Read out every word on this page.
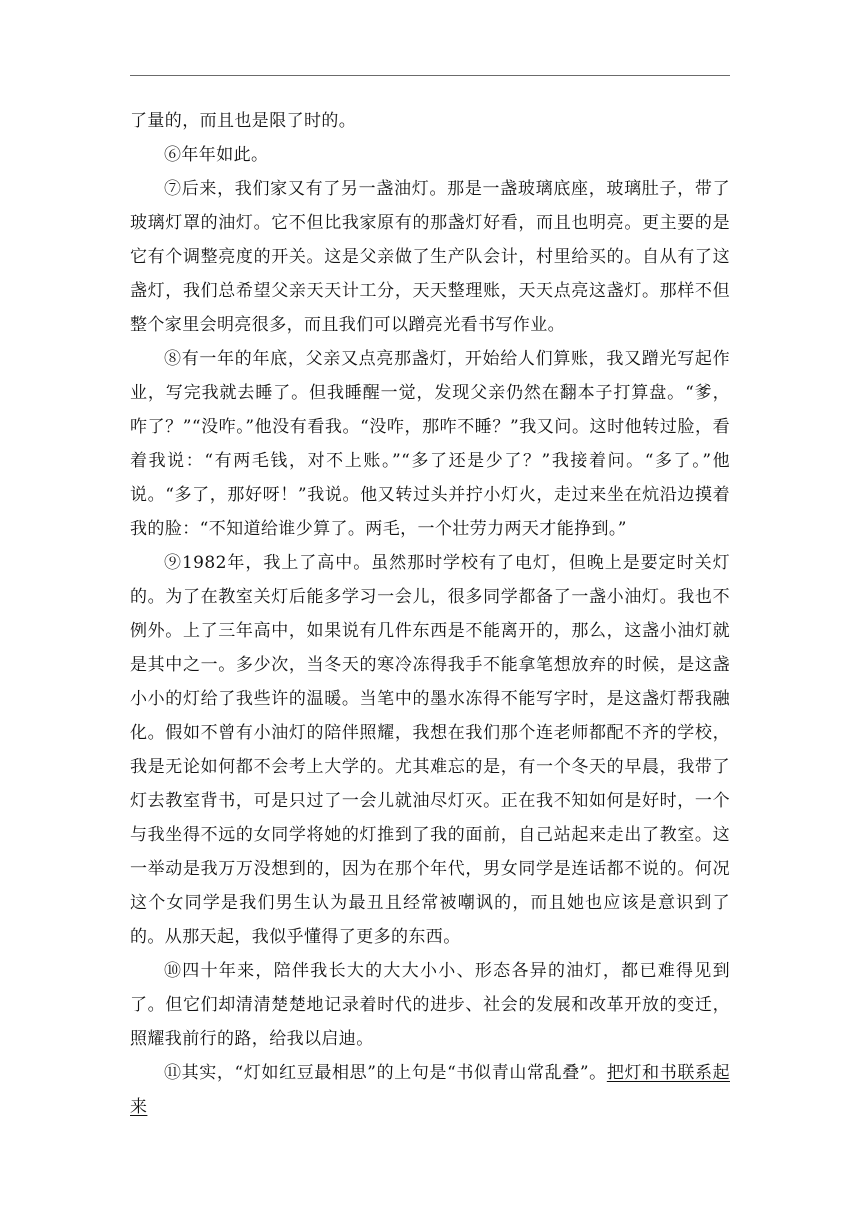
了量的，而且也是限了时的。

⑥年年如此。

⑦后来，我们家又有了另一盏油灯。那是一盏玻璃底座，玻璃肚子，带了玻璃灯罩的油灯。它不但比我家原有的那盏灯好看，而且也明亮。更主要的是它有个调整亮度的开关。这是父亲做了生产队会计，村里给买的。自从有了这盏灯，我们总希望父亲天天计工分，天天整理账，天天点亮这盏灯。那样不但整个家里会明亮很多，而且我们可以蹭亮光看书写作业。

⑧有一年的年底，父亲又点亮那盏灯，开始给人们算账，我又蹭光写起作业，写完我就去睡了。但我睡醒一觉，发现父亲仍然在翻本子打算盘。“爹，咋了？”“没咋。”他没有看我。“没咋，那咋不睡？”我又问。这时他转过脸，看着我说：“有两毛钱，对不上账。”“多了还是少了？”我接着问。“多了。”他说。“多了，那好呀！”我说。他又转过头并拧小灯火，走过来坐在炕沿边摸着我的脸：“不知道给谁少算了。两毛，一个壮劳力两天才能挣到。”

⑨1982年，我上了高中。虽然那时学校有了电灯，但晚上是要定时关灯的。为了在教室关灯后能多学习一会儿，很多同学都备了一盏小油灯。我也不例外。上了三年高中，如果说有几件东西是不能离开的，那么，这盏小油灯就是其中之一。多少次，当冬天的寒冷冻得我手不能拿笔想放弃的时候，是这盏小小的灯给了我些许的温暖。当笔中的墨水冻得不能写字时，是这盏灯帮我融化。假如不曾有小油灯的陪伴照耀，我想在我们那个连老师都配不齐的学校，我是无论如何都不会考上大学的。尤其难忘的是，有一个冬天的早晨，我带了灯去教室背书，可是只过了一会儿就油尽灯灭。正在我不知如何是好时，一个与我坐得不远的女同学将她的灯推到了我的面前，自己站起来走出了教室。这一举动是我万万没想到的，因为在那个年代，男女同学是连话都不说的。何况这个女同学是我们男生认为最丑且经常被嘲讽的，而且她也应该是意识到了的。从那天起，我似乎懂得了更多的东西。

⑩四十年来，陪伴我长大的大大小小、形态各异的油灯，都已难得见到了。但它们却清清楚楚地记录着时代的进步、社会的发展和改革开放的变迁，照耀我前行的路，给我以启迪。

⑪其实，“灯如红豆最相思”的上句是“书似青山常乱叠”。把灯和书联系起来
